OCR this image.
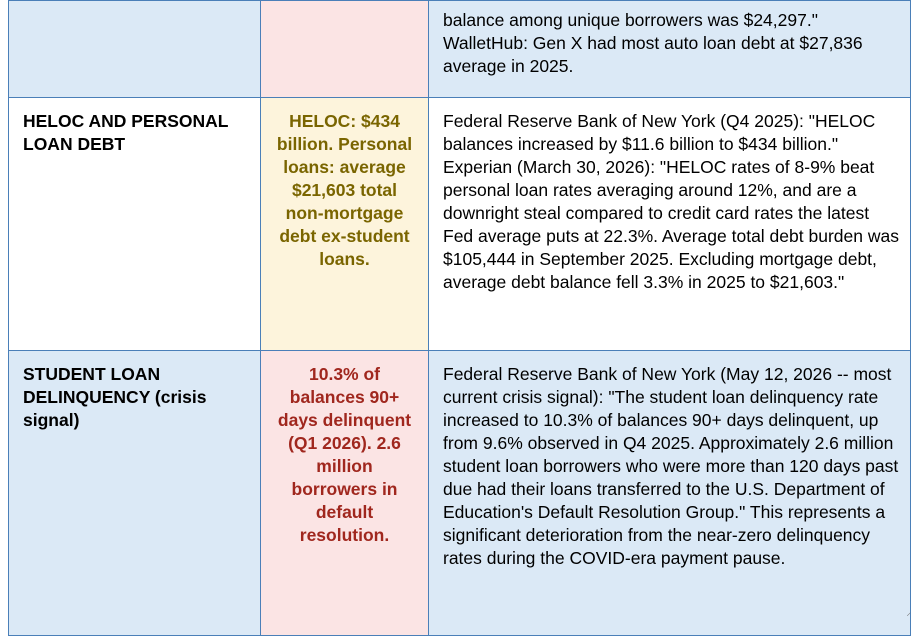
		balance among unique borrowers was $24,297." WalletHub: Gen X had most auto loan debt at $27,836 average in 2025.
HELOC AND PERSONAL LOAN DEBT	HELOC: $434 billion. Personal loans: average $21,603 total non-mortgage debt ex-student loans.	Federal Reserve Bank of New York (Q4 2025): "HELOC balances increased by $11.6 billion to $434 billion." Experian (March 30, 2026): "HELOC rates of 8-9% beat personal loan rates averaging around 12%, and are a downright steal compared to credit card rates the latest Fed average puts at 22.3%. Average total debt burden was $105,444 in September 2025. Excluding mortgage debt, average debt balance fell 3.3% in 2025 to $21,603."
STUDENT LOAN DELINQUENCY (crisis signal)	10.3% of balances 90+ days delinquent (Q1 2026). 2.6 million borrowers in default resolution.	Federal Reserve Bank of New York (May 12, 2026 -- most current crisis signal): "The student loan delinquency rate increased to 10.3% of balances 90+ days delinquent, up from 9.6% observed in Q4 2025. Approximately 2.6 million student loan borrowers who were more than 120 days past due had their loans transferred to the U.S. Department of Education's Default Resolution Group." This represents a significant deterioration from the near-zero delinquency rates during the COVID-era payment pause.
⸍
